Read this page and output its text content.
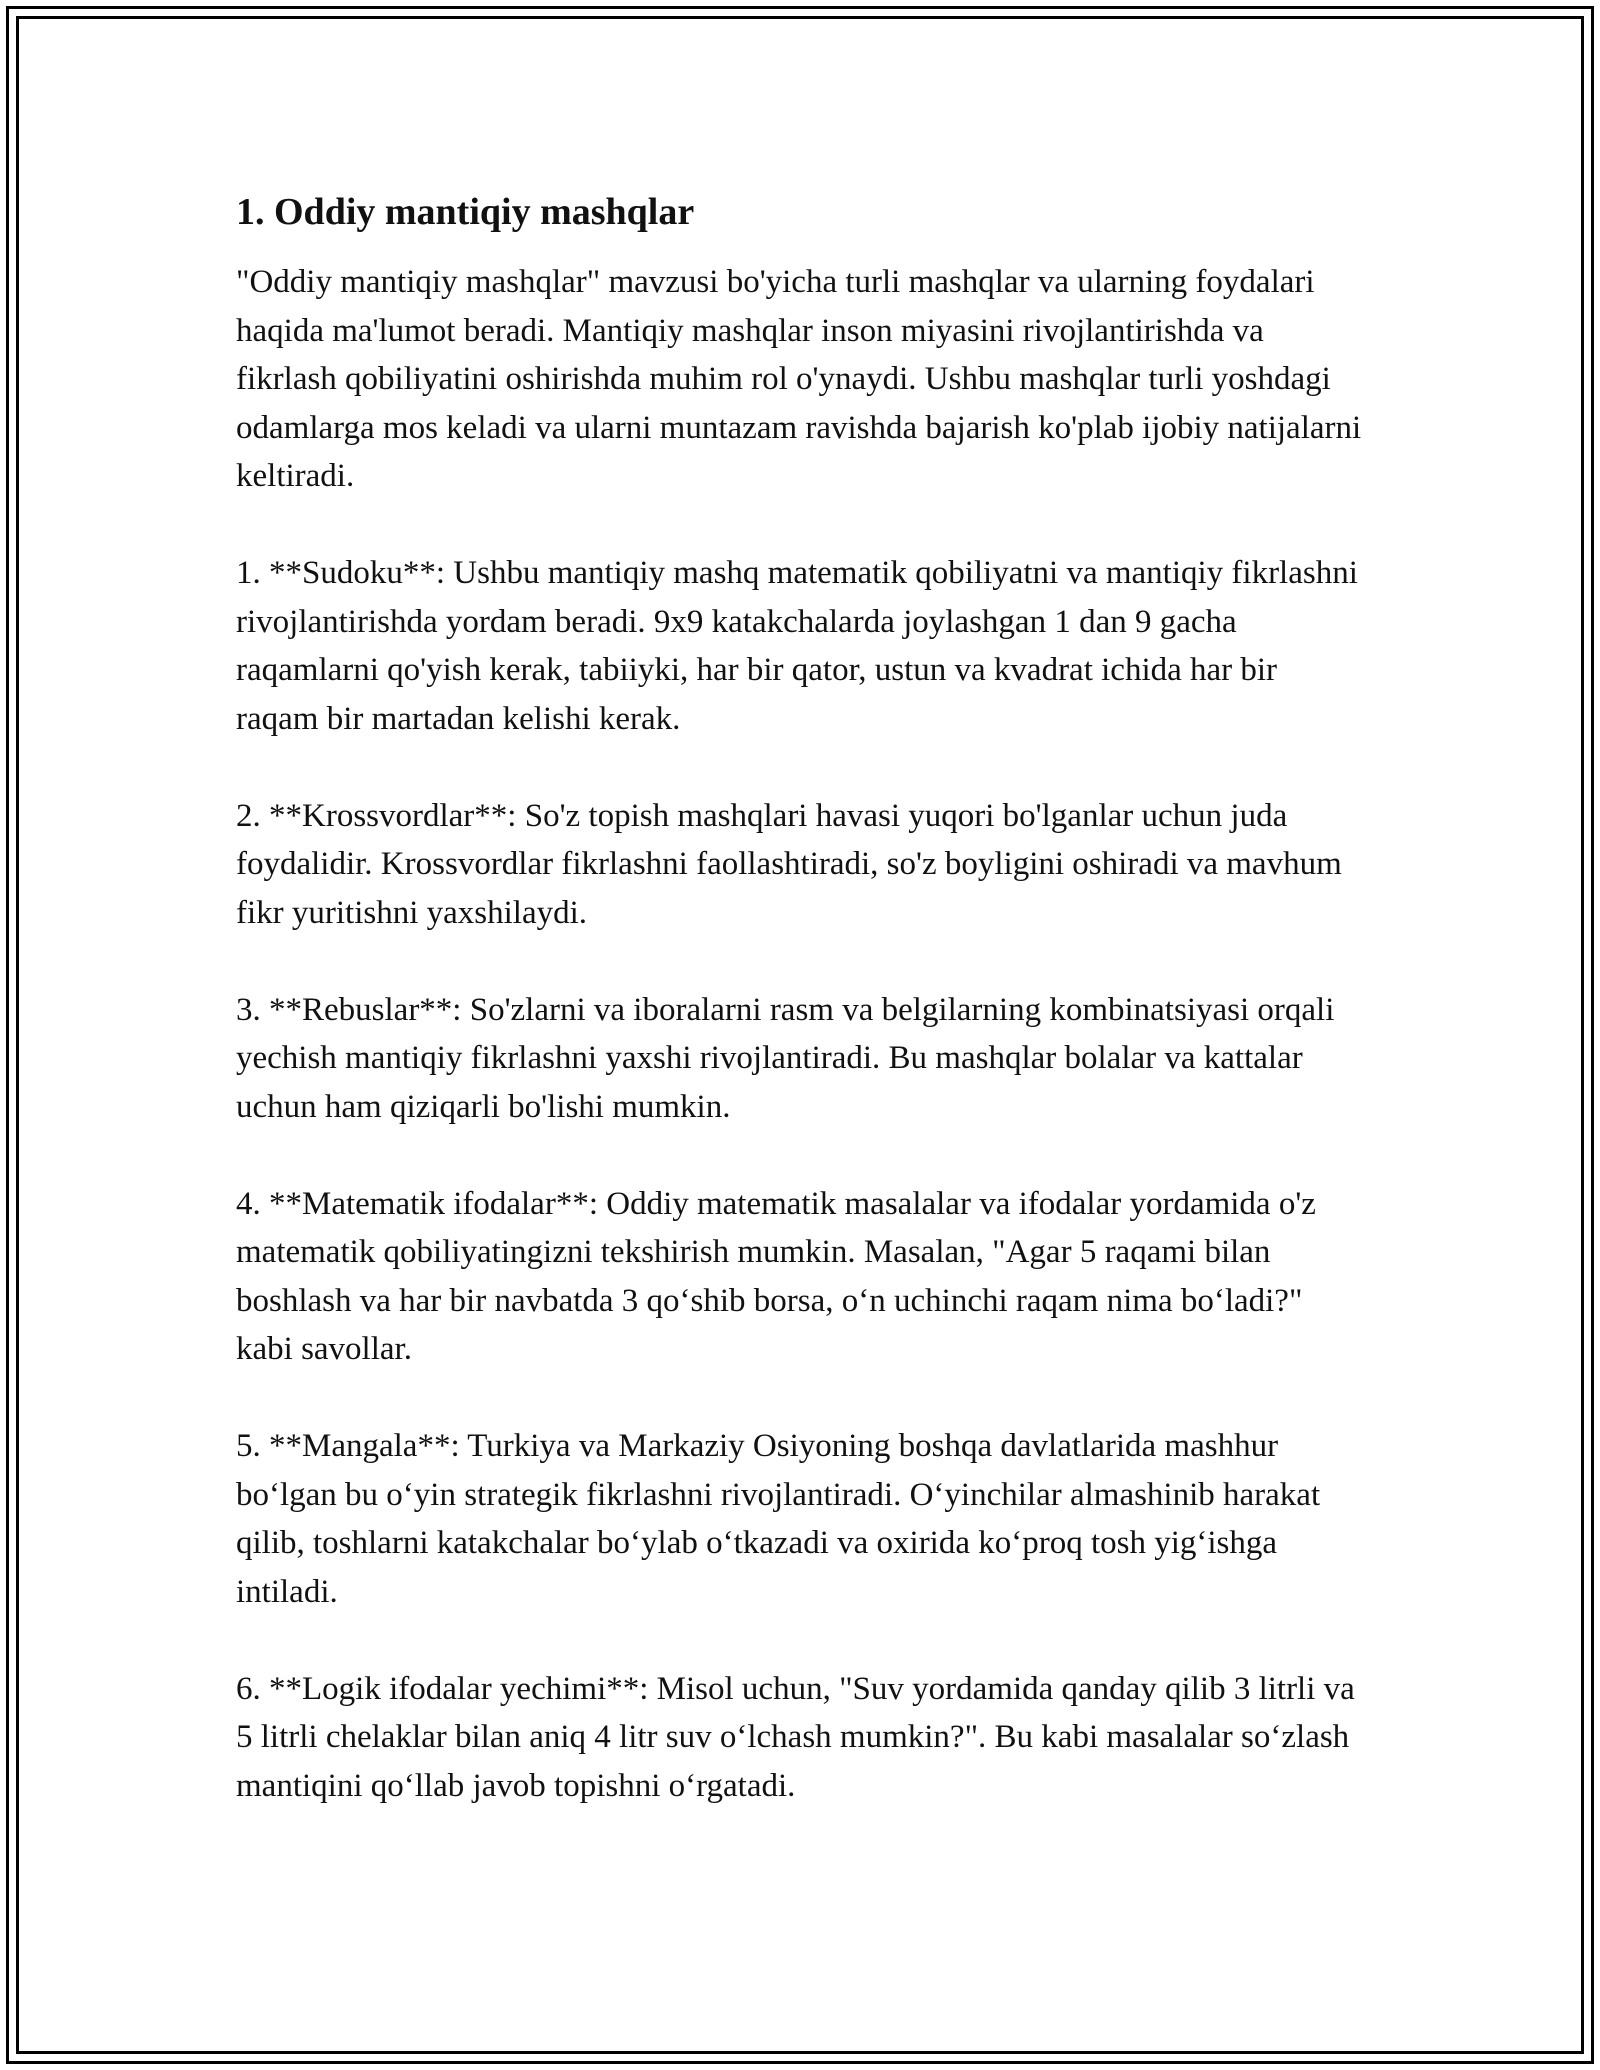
1. Oddiy mantiqiy mashqlar

"Oddiy mantiqiy mashqlar" mavzusi bo'yicha turli mashqlar va ularning foydalari haqida ma'lumot beradi. Mantiqiy mashqlar inson miyasini rivojlantirishda va fikrlash qobiliyatini oshirishda muhim rol o'ynaydi. Ushbu mashqlar turli yoshdagi odamlarga mos keladi va ularni muntazam ravishda bajarish ko'plab ijobiy natijalarni keltiradi.

1. **Sudoku**: Ushbu mantiqiy mashq matematik qobiliyatni va mantiqiy fikrlashni rivojlantirishda yordam beradi. 9x9 katakchalarda joylashgan 1 dan 9 gacha raqamlarni qo'yish kerak, tabiiyki, har bir qator, ustun va kvadrat ichida har bir raqam bir martadan kelishi kerak.

2. **Krossvordlar**: So'z topish mashqlari havasi yuqori bo'lganlar uchun juda foydalidir. Krossvordlar fikrlashni faollashtiradi, so'z boyligini oshiradi va mavhum fikr yuritishni yaxshilaydi.

3. **Rebuslar**: So'zlarni va iboralarni rasm va belgilarning kombinatsiyasi orqali yechish mantiqiy fikrlashni yaxshi rivojlantiradi. Bu mashqlar bolalar va kattalar uchun ham qiziqarli bo'lishi mumkin.

4. **Matematik ifodalar**: Oddiy matematik masalalar va ifodalar yordamida o'z matematik qobiliyatingizni tekshirish mumkin. Masalan, "Agar 5 raqami bilan boshlash va har bir navbatda 3 qo‘shib borsa, o‘n uchinchi raqam nima bo‘ladi?" kabi savollar.

5. **Mangala**: Turkiya va Markaziy Osiyoning boshqa davlatlarida mashhur bo‘lgan bu o‘yin strategik fikrlashni rivojlantiradi. O‘yinchilar almashinib harakat qilib, toshlarni katakchalar bo‘ylab o‘tkazadi va oxirida ko‘proq tosh yig‘ishga intiladi.

6. **Logik ifodalar yechimi**: Misol uchun, "Suv yordamida qanday qilib 3 litrli va 5 litrli chelaklar bilan aniq 4 litr suv o‘lchash mumkin?". Bu kabi masalalar so‘zlash mantiqini qo‘llab javob topishni o‘rgatadi.
